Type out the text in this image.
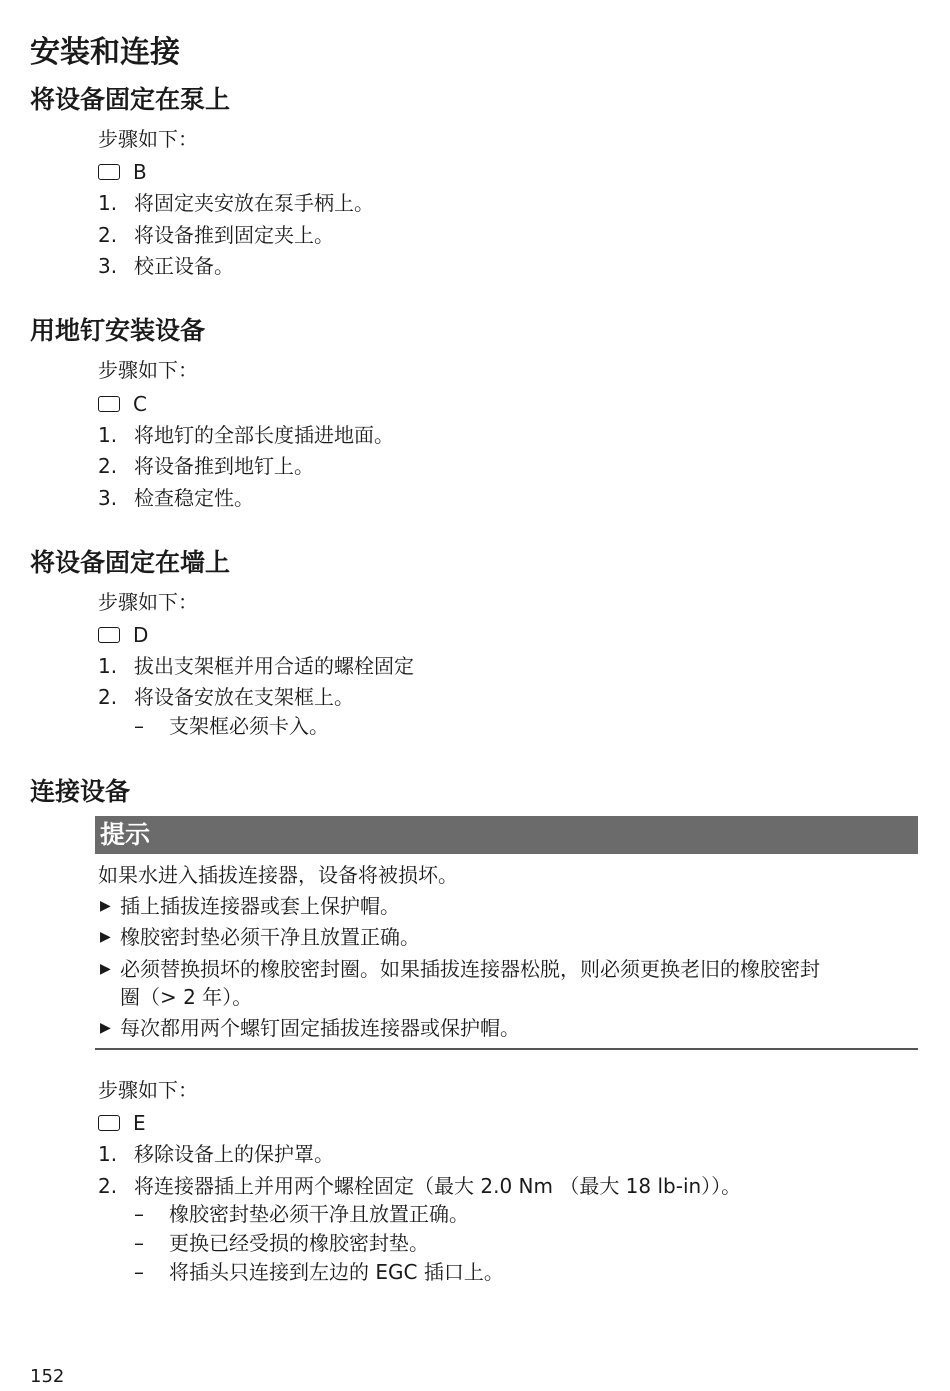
安装和连接
将设备固定在泵上
步骤如下：
B
1. 将固定夹安放在泵手柄上。
2. 将设备推到固定夹上。
3. 校正设备。
用地钉安装设备
步骤如下：
C
1. 将地钉的全部长度插进地面。
2. 将设备推到地钉上。
3. 检查稳定性。
将设备固定在墙上
步骤如下：
D
1. 拔出支架框并用合适的螺栓固定
2. 将设备安放在支架框上。
– 支架框必须卡入。
连接设备
提示
如果水进入插拔连接器，设备将被损坏。
▶ 插上插拔连接器或套上保护帽。
▶ 橡胶密封垫必须干净且放置正确。
▶ 必须替换损坏的橡胶密封圈。如果插拔连接器松脱，则必须更换老旧的橡胶密封
圈（> 2 年）。
▶ 每次都用两个螺钉固定插拔连接器或保护帽。
步骤如下：
E
1. 移除设备上的保护罩。
2. 将连接器插上并用两个螺栓固定（最大 2.0 Nm （最大 18 lb-in））。
– 橡胶密封垫必须干净且放置正确。
– 更换已经受损的橡胶密封垫。
– 将插头只连接到左边的 EGC 插口上。
152
